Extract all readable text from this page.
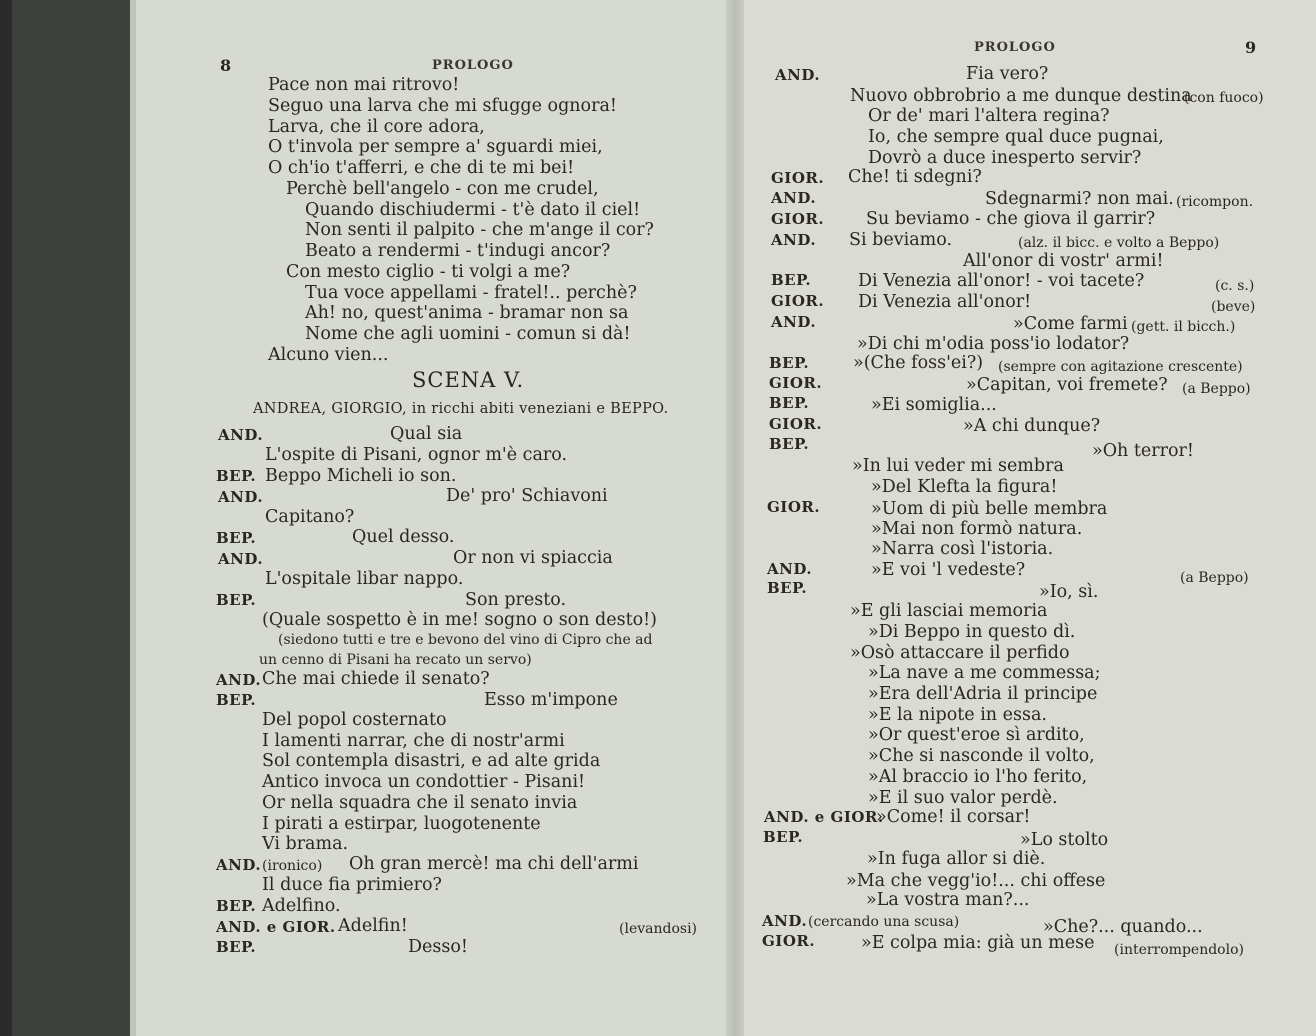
8	PROLOGO
Pace non mai ritrovo!
Seguo una larva che mi sfugge ognora!
Larva, che il core adora,
O t'invola per sempre a' sguardi miei,
O ch'io t'afferri, e che di te mi bei!
Perchè bell'angelo - con me crudel,
Quando dischiudermi - t'è dato il ciel!
Non senti il palpito - che m'ange il cor?
Beato a rendermi - t'indugi ancor?
Con mesto ciglio - ti volgi a me?
Tua voce appellami - fratel!.. perchè?
Ah! no, quest'anima - bramar non sa
Nome che agli uomini - comun si dà!
Alcuno vien...
SCENA V.
ANDREA, GIORGIO, in ricchi abiti veneziani e BEPPO.
AND.	Qual sia
L'ospite di Pisani, ognor m'è caro.
BEP. Beppo Micheli io son.
AND.	De' pro' Schiavoni
Capitano?
BEP.	Quel desso.
AND.	Or non vi spiaccia
L'ospitale libar nappo.
BEP.	Son presto.
(Quale sospetto è in me! sogno o son desto!)
(siedono tutti e tre e bevono del vino di Cipro che ad
un cenno di Pisani ha recato un servo)
AND. Che mai chiede il senato?
BEP.	Esso m'impone
Del popol costernato
I lamenti narrar, che di nostr'armi
Sol contempla disastri, e ad alte grida
Antico invoca un condottier - Pisani!
Or nella squadra che il senato invia
I pirati a estirpar, luogotenente
Vi brama.
AND. (ironico) Oh gran mercè! ma chi dell'armi
Il duce fia primiero?
BEP. Adelfino.
AND. e GIOR. Adelfin!	(levandosi)
BEP.	Desso!
PROLOGO	9
AND.	Fia vero?
Nuovo obbrobrio a me dunque destina
(con fuoco)
Or de' mari l'altera regina?
Io, che sempre qual duce pugnai,
Dovrò a duce inesperto servir?
GIOR. Che! ti sdegni?
AND.	Sdegnarmi? non mai. (ricompon.
GIOR. Su beviamo - che giova il garrir?
AND. Si beviamo.	(alz. il bicc. e volto a Beppo)
All'onor di vostr' armi!
BEP.	Di Venezia all'onor! - voi tacete?	(c. s.)
GIOR. Di Venezia all'onor!	(beve)
AND.	»Come farmi (gett. il bicch.)
»Di chi m'odia poss'io lodator?
BEP.	»(Che foss'ei?) (sempre con agitazione crescente)
GIOR.	»Capitan, voi fremete? (a Beppo)
BEP.	»Ei somiglia...
GIOR.	»A chi dunque?
BEP.	»Oh terror!
»In lui veder mi sembra
»Del Klefta la figura!
GIOR.	»Uom di più belle membra
»Mai non formò natura.
»Narra così l'istoria.
AND.	»E voi 'l vedeste?	(a Beppo)
BEP.	»Io, sì.
»E gli lasciai memoria
»Di Beppo in questo dì.
»Osò attaccare il perfido
»La nave a me commessa;
»Era dell'Adria il principe
»E la nipote in essa.
»Or quest'eroe sì ardito,
»Che si nasconde il volto,
»Al braccio io l'ho ferito,
»E il suo valor perdè.
AND. e GIOR.
»Come! il corsar!
BEP.	»Lo stolto
»In fuga allor si diè.
»Ma che vegg'io!... chi offese
»La vostra man?...
AND. (cercando una scusa)	»Che?... quando...
GIOR.	»E colpa mia: già un mese (interrompendolo)
